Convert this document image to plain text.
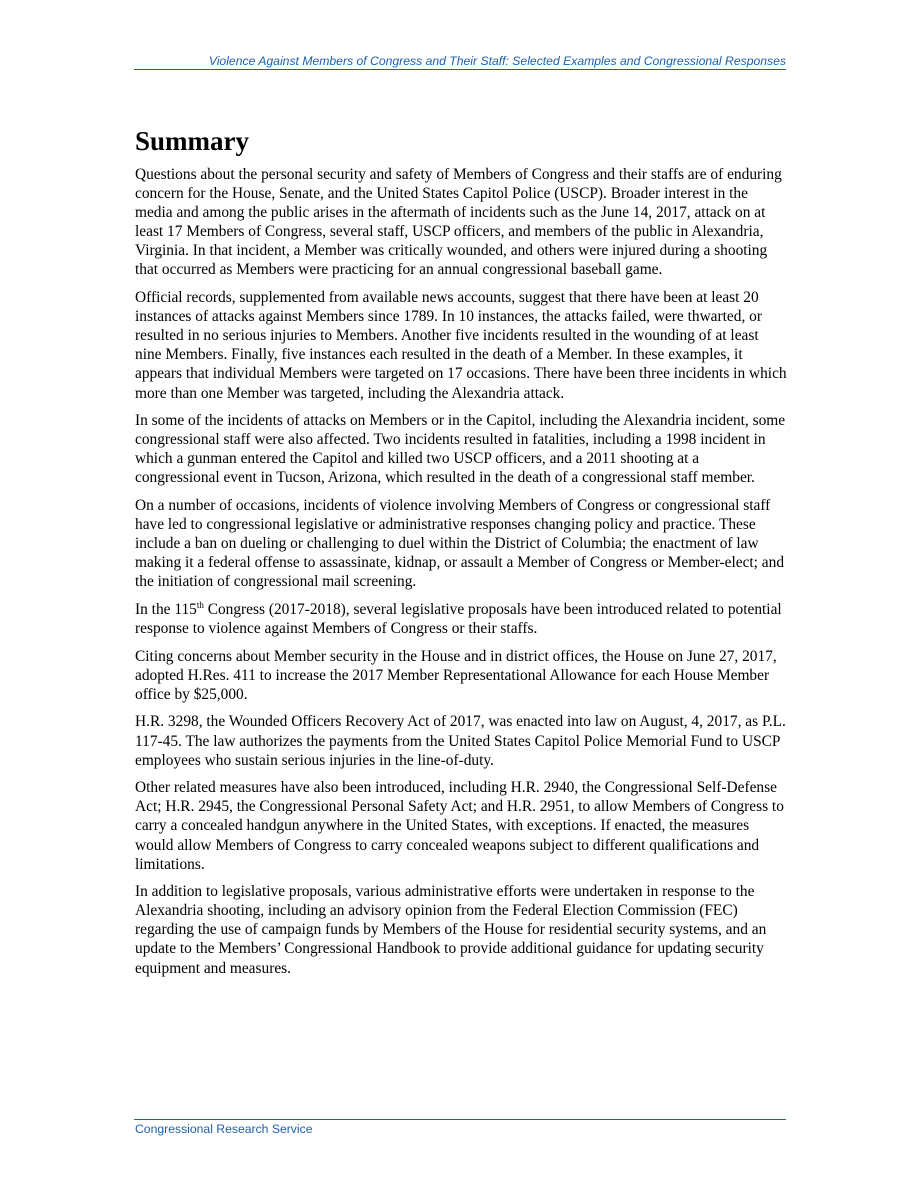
Violence Against Members of Congress and Their Staff: Selected Examples and Congressional Responses
Summary

Questions about the personal security and safety of Members of Congress and their staffs are of enduring concern for the House, Senate, and the United States Capitol Police (USCP). Broader interest in the media and among the public arises in the aftermath of incidents such as the June 14, 2017, attack on at least 17 Members of Congress, several staff, USCP officers, and members of the public in Alexandria, Virginia. In that incident, a Member was critically wounded, and others were injured during a shooting that occurred as Members were practicing for an annual congressional baseball game.

Official records, supplemented from available news accounts, suggest that there have been at least 20 instances of attacks against Members since 1789. In 10 instances, the attacks failed, were thwarted, or resulted in no serious injuries to Members. Another five incidents resulted in the wounding of at least nine Members. Finally, five instances each resulted in the death of a Member. In these examples, it appears that individual Members were targeted on 17 occasions. There have been three incidents in which more than one Member was targeted, including the Alexandria attack.

In some of the incidents of attacks on Members or in the Capitol, including the Alexandria incident, some congressional staff were also affected. Two incidents resulted in fatalities, including a 1998 incident in which a gunman entered the Capitol and killed two USCP officers, and a 2011 shooting at a congressional event in Tucson, Arizona, which resulted in the death of a congressional staff member.

On a number of occasions, incidents of violence involving Members of Congress or congressional staff have led to congressional legislative or administrative responses changing policy and practice. These include a ban on dueling or challenging to duel within the District of Columbia; the enactment of law making it a federal offense to assassinate, kidnap, or assault a Member of Congress or Member-elect; and the initiation of congressional mail screening.

In the 115th Congress (2017-2018), several legislative proposals have been introduced related to potential response to violence against Members of Congress or their staffs.

Citing concerns about Member security in the House and in district offices, the House on June 27, 2017, adopted H.Res. 411 to increase the 2017 Member Representational Allowance for each House Member office by $25,000.

H.R. 3298, the Wounded Officers Recovery Act of 2017, was enacted into law on August, 4, 2017, as P.L. 117-45. The law authorizes the payments from the United States Capitol Police Memorial Fund to USCP employees who sustain serious injuries in the line-of-duty.

Other related measures have also been introduced, including H.R. 2940, the Congressional Self-Defense Act; H.R. 2945, the Congressional Personal Safety Act; and H.R. 2951, to allow Members of Congress to carry a concealed handgun anywhere in the United States, with exceptions. If enacted, the measures would allow Members of Congress to carry concealed weapons subject to different qualifications and limitations.

In addition to legislative proposals, various administrative efforts were undertaken in response to the Alexandria shooting, including an advisory opinion from the Federal Election Commission (FEC) regarding the use of campaign funds by Members of the House for residential security systems, and an update to the Members’ Congressional Handbook to provide additional guidance for updating security equipment and measures.

Congressional Research Service
